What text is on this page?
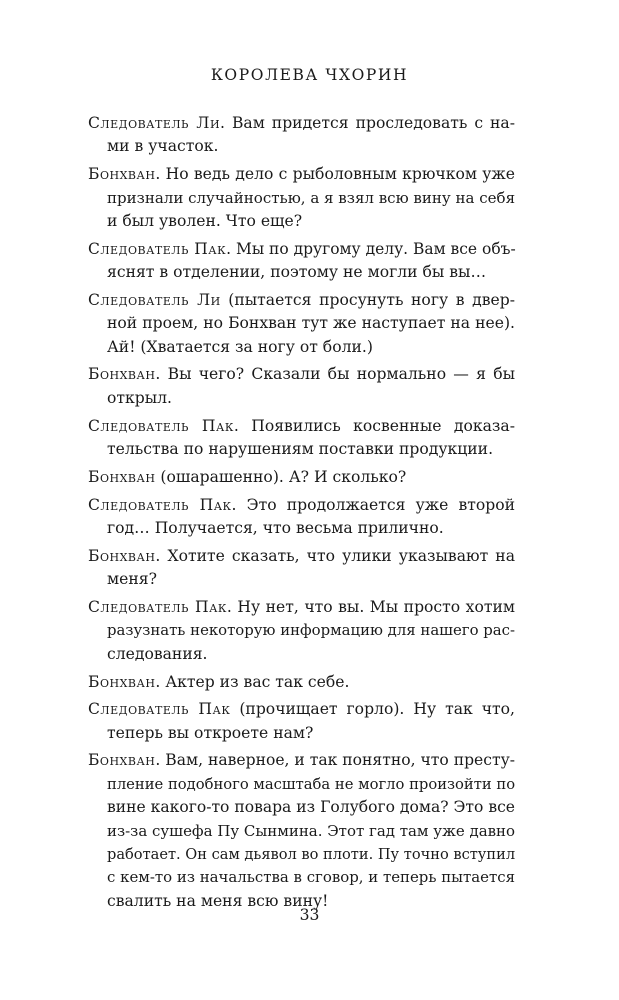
КОРОЛЕВА ЧХОРИН
Следователь Ли. Вам придется проследовать с на-
ми в участок.
Бонхван. Но ведь дело с рыболовным крючком уже
признали случайностью, а я взял всю вину на себя
и был уволен. Что еще?
Следователь Пак. Мы по другому делу. Вам все объ-
яснят в отделении, поэтому не могли бы вы…
Следователь Ли (пытается просунуть ногу в двер-
ной проем, но Бонхван тут же наступает на нее).
Ай! (Хватается за ногу от боли.)
Бонхван. Вы чего? Сказали бы нормально — я бы
открыл.
Следователь Пак. Появились косвенные доказа-
тельства по нарушениям поставки продукции.
Бонхван (ошарашенно). А? И сколько?
Следователь Пак. Это продолжается уже второй
год… Получается, что весьма прилично.
Бонхван. Хотите сказать, что улики указывают на
меня?
Следователь Пак. Ну нет, что вы. Мы просто хотим
разузнать некоторую информацию для нашего рас-
следования.
Бонхван. Актер из вас так себе.
Следователь Пак (прочищает горло). Ну так что,
теперь вы откроете нам?
Бонхван. Вам, наверное, и так понятно, что престу-
пление подобного масштаба не могло произойти по
вине какого-то повара из Голубого дома? Это все
из-за сушефа Пу Сынмина. Этот гад там уже давно
работает. Он сам дьявол во плоти. Пу точно вступил
с кем-то из начальства в сговор, и теперь пытается
свалить на меня всю вину!
33
